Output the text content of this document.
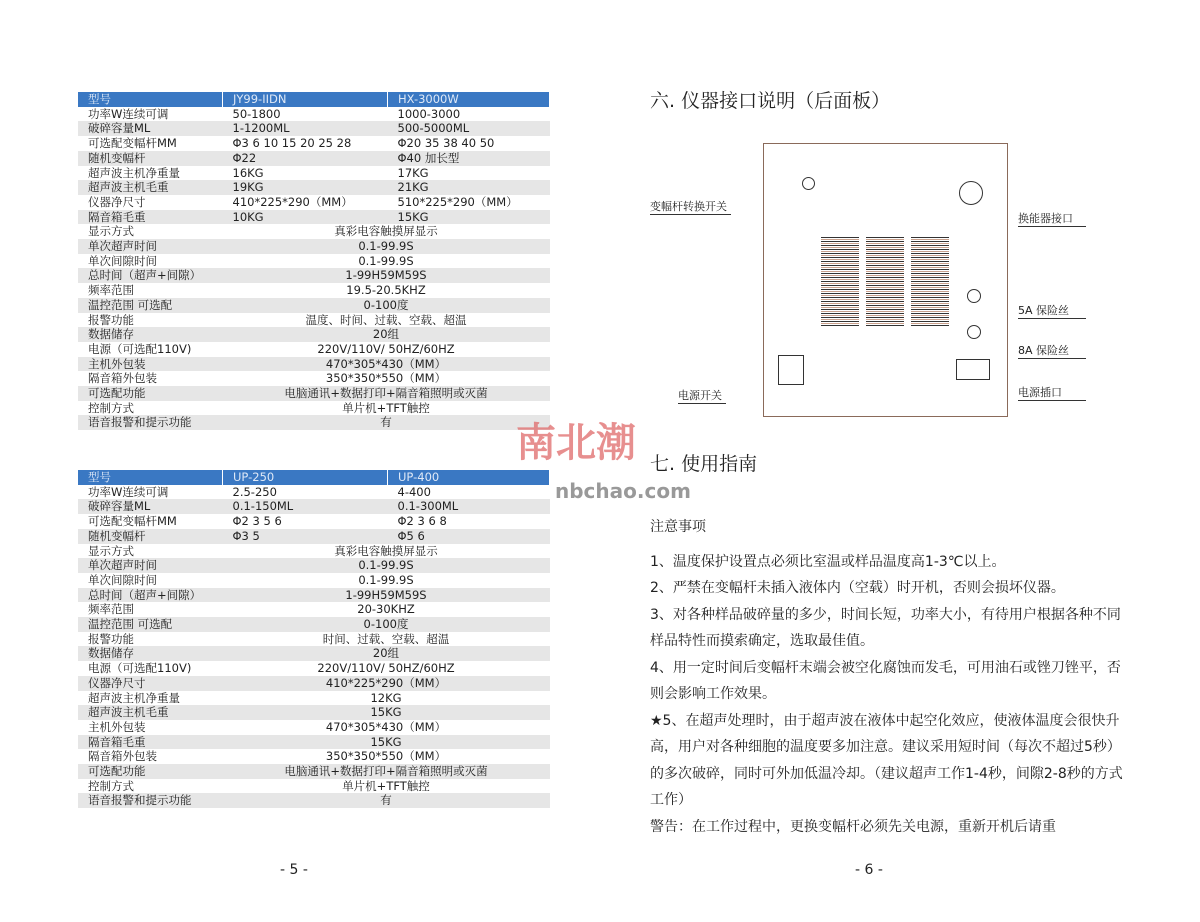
型号	JY99-IIDN	HX-3000W
功率W连续可调	50-1800	1000-3000
破碎容量ML	1-1200ML	500-5000ML
可选配变幅杆MM	Φ3 6 10 15 20 25 28	Φ20 35 38 40 50
随机变幅杆	Φ22	Φ40 加长型
超声波主机净重量	16KG	17KG
超声波主机毛重	19KG	21KG
仪器净尺寸	410*225*290（MM）	510*225*290（MM）
隔音箱毛重	10KG	15KG
显示方式	真彩电容触摸屏显示	
单次超声时间	0.1-99.9S	
单次间隙时间	0.1-99.9S	
总时间（超声+间隙）	1-99H59M59S	
频率范围	19.5-20.5KHZ	
温控范围 可选配	0-100度	
报警功能	温度、时间、过载、空载、超温	
数据储存	20组	
电源（可选配110V)	220V/110V/ 50HZ/60HZ	
主机外包装	470*305*430（MM）	
隔音箱外包装	350*350*550（MM）	
可选配功能	电脑通讯+数据打印+隔音箱照明或灭菌	
控制方式	单片机+TFT触控	
语音报警和提示功能	有	
型号	UP-250	UP-400
功率W连续可调	2.5-250	4-400
破碎容量ML	0.1-150ML	0.1-300ML
可选配变幅杆MM	Φ2 3 5 6	Φ2 3 6 8
随机变幅杆	Φ3 5	Φ5 6
显示方式	真彩电容触摸屏显示	
单次超声时间	0.1-99.9S	
单次间隙时间	0.1-99.9S	
总时间（超声+间隙）	1-99H59M59S	
频率范围	20-30KHZ	
温控范围 可选配	0-100度	
报警功能	时间、过载、空载、超温	
数据储存	20组	
电源（可选配110V)	220V/110V/ 50HZ/60HZ	
仪器净尺寸	410*225*290（MM）	
超声波主机净重量	12KG	
超声波主机毛重	15KG	
主机外包装	470*305*430（MM）	
隔音箱毛重	15KG	
隔音箱外包装	350*350*550（MM）	
可选配功能	电脑通讯+数据打印+隔音箱照明或灭菌	
控制方式	单片机+TFT触控	
语音报警和提示功能	有	
- 5 -	- 6 -
六. 仪器接口说明（后面板）
变幅杆转换开关
换能器接口
5A 保险丝
8A 保险丝
电源开关	电源插口
南北潮
nbchao.com
七. 使用指南

注意事项

1、温度保护设置点必须比室温或样品温度高1-3℃以上。

2、严禁在变幅杆未插入液体内（空载）时开机，否则会损坏仪器。

3、对各种样品破碎量的多少，时间长短，功率大小，有待用户根据各种不同样品特性而摸索确定，选取最佳值。

4、用一定时间后变幅杆末端会被空化腐蚀而发毛，可用油石或锉刀锉平，否则会影响工作效果。

★5、在超声处理时，由于超声波在液体中起空化效应，使液体温度会很快升高，用户对各种细胞的温度要多加注意。建议采用短时间（每次不超过5秒）的多次破碎，同时可外加低温冷却。（建议超声工作1-4秒，间隙2-8秒的方式工作）

警告：在工作过程中，更换变幅杆必须先关电源，重新开机后请重
